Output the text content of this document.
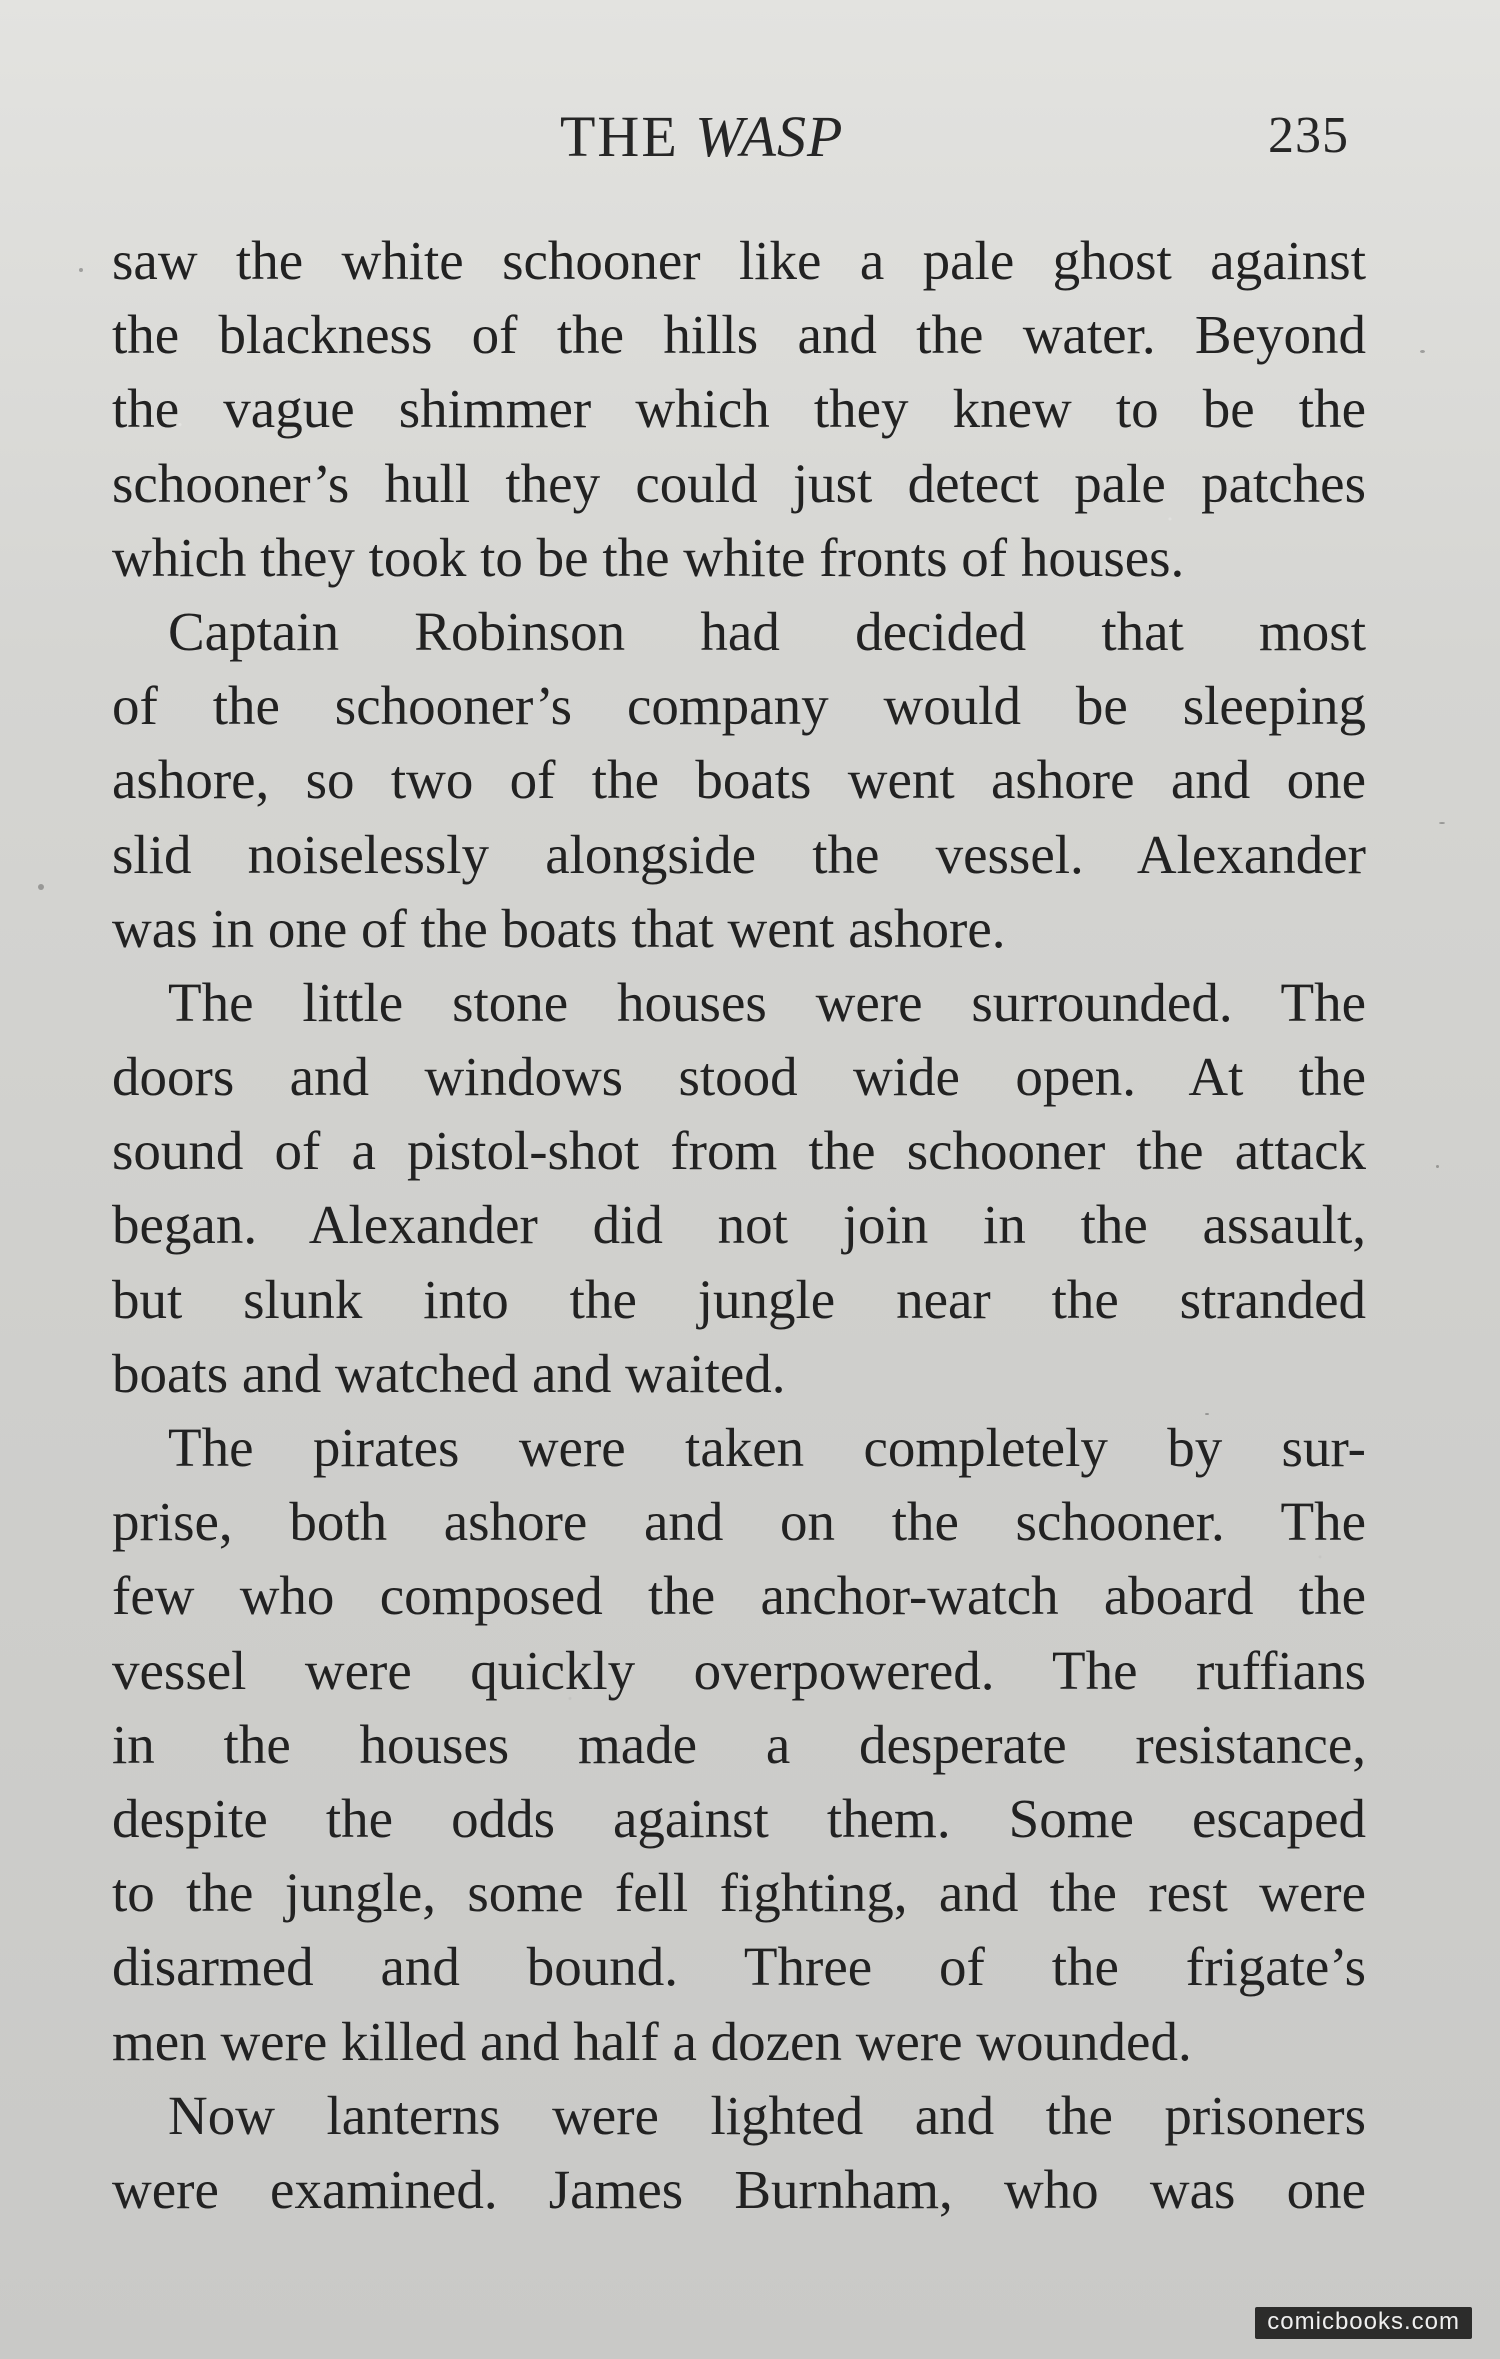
THE WASP	235
saw the white schooner like a pale ghost against
the blackness of the hills and the water. Beyond
the vague shimmer which they knew to be the
schooner’s hull they could just detect pale patches
which they took to be the white fronts of houses.
Captain Robinson had decided that most
of the schooner’s company would be sleeping
ashore, so two of the boats went ashore and one
slid noiselessly alongside the vessel. Alexander
was in one of the boats that went ashore.
The little stone houses were surrounded. The
doors and windows stood wide open. At the
sound of a pistol-shot from the schooner the attack
began. Alexander did not join in the assault,
but slunk into the jungle near the stranded
boats and watched and waited.
The pirates were taken completely by sur-
prise, both ashore and on the schooner. The
few who composed the anchor-watch aboard the
vessel were quickly overpowered. The ruffians
in the houses made a desperate resistance,
despite the odds against them. Some escaped
to the jungle, some fell fighting, and the rest were
disarmed and bound. Three of the frigate’s
men were killed and half a dozen were wounded.
Now lanterns were lighted and the prisoners
were examined. James Burnham, who was one
comicbooks.com
